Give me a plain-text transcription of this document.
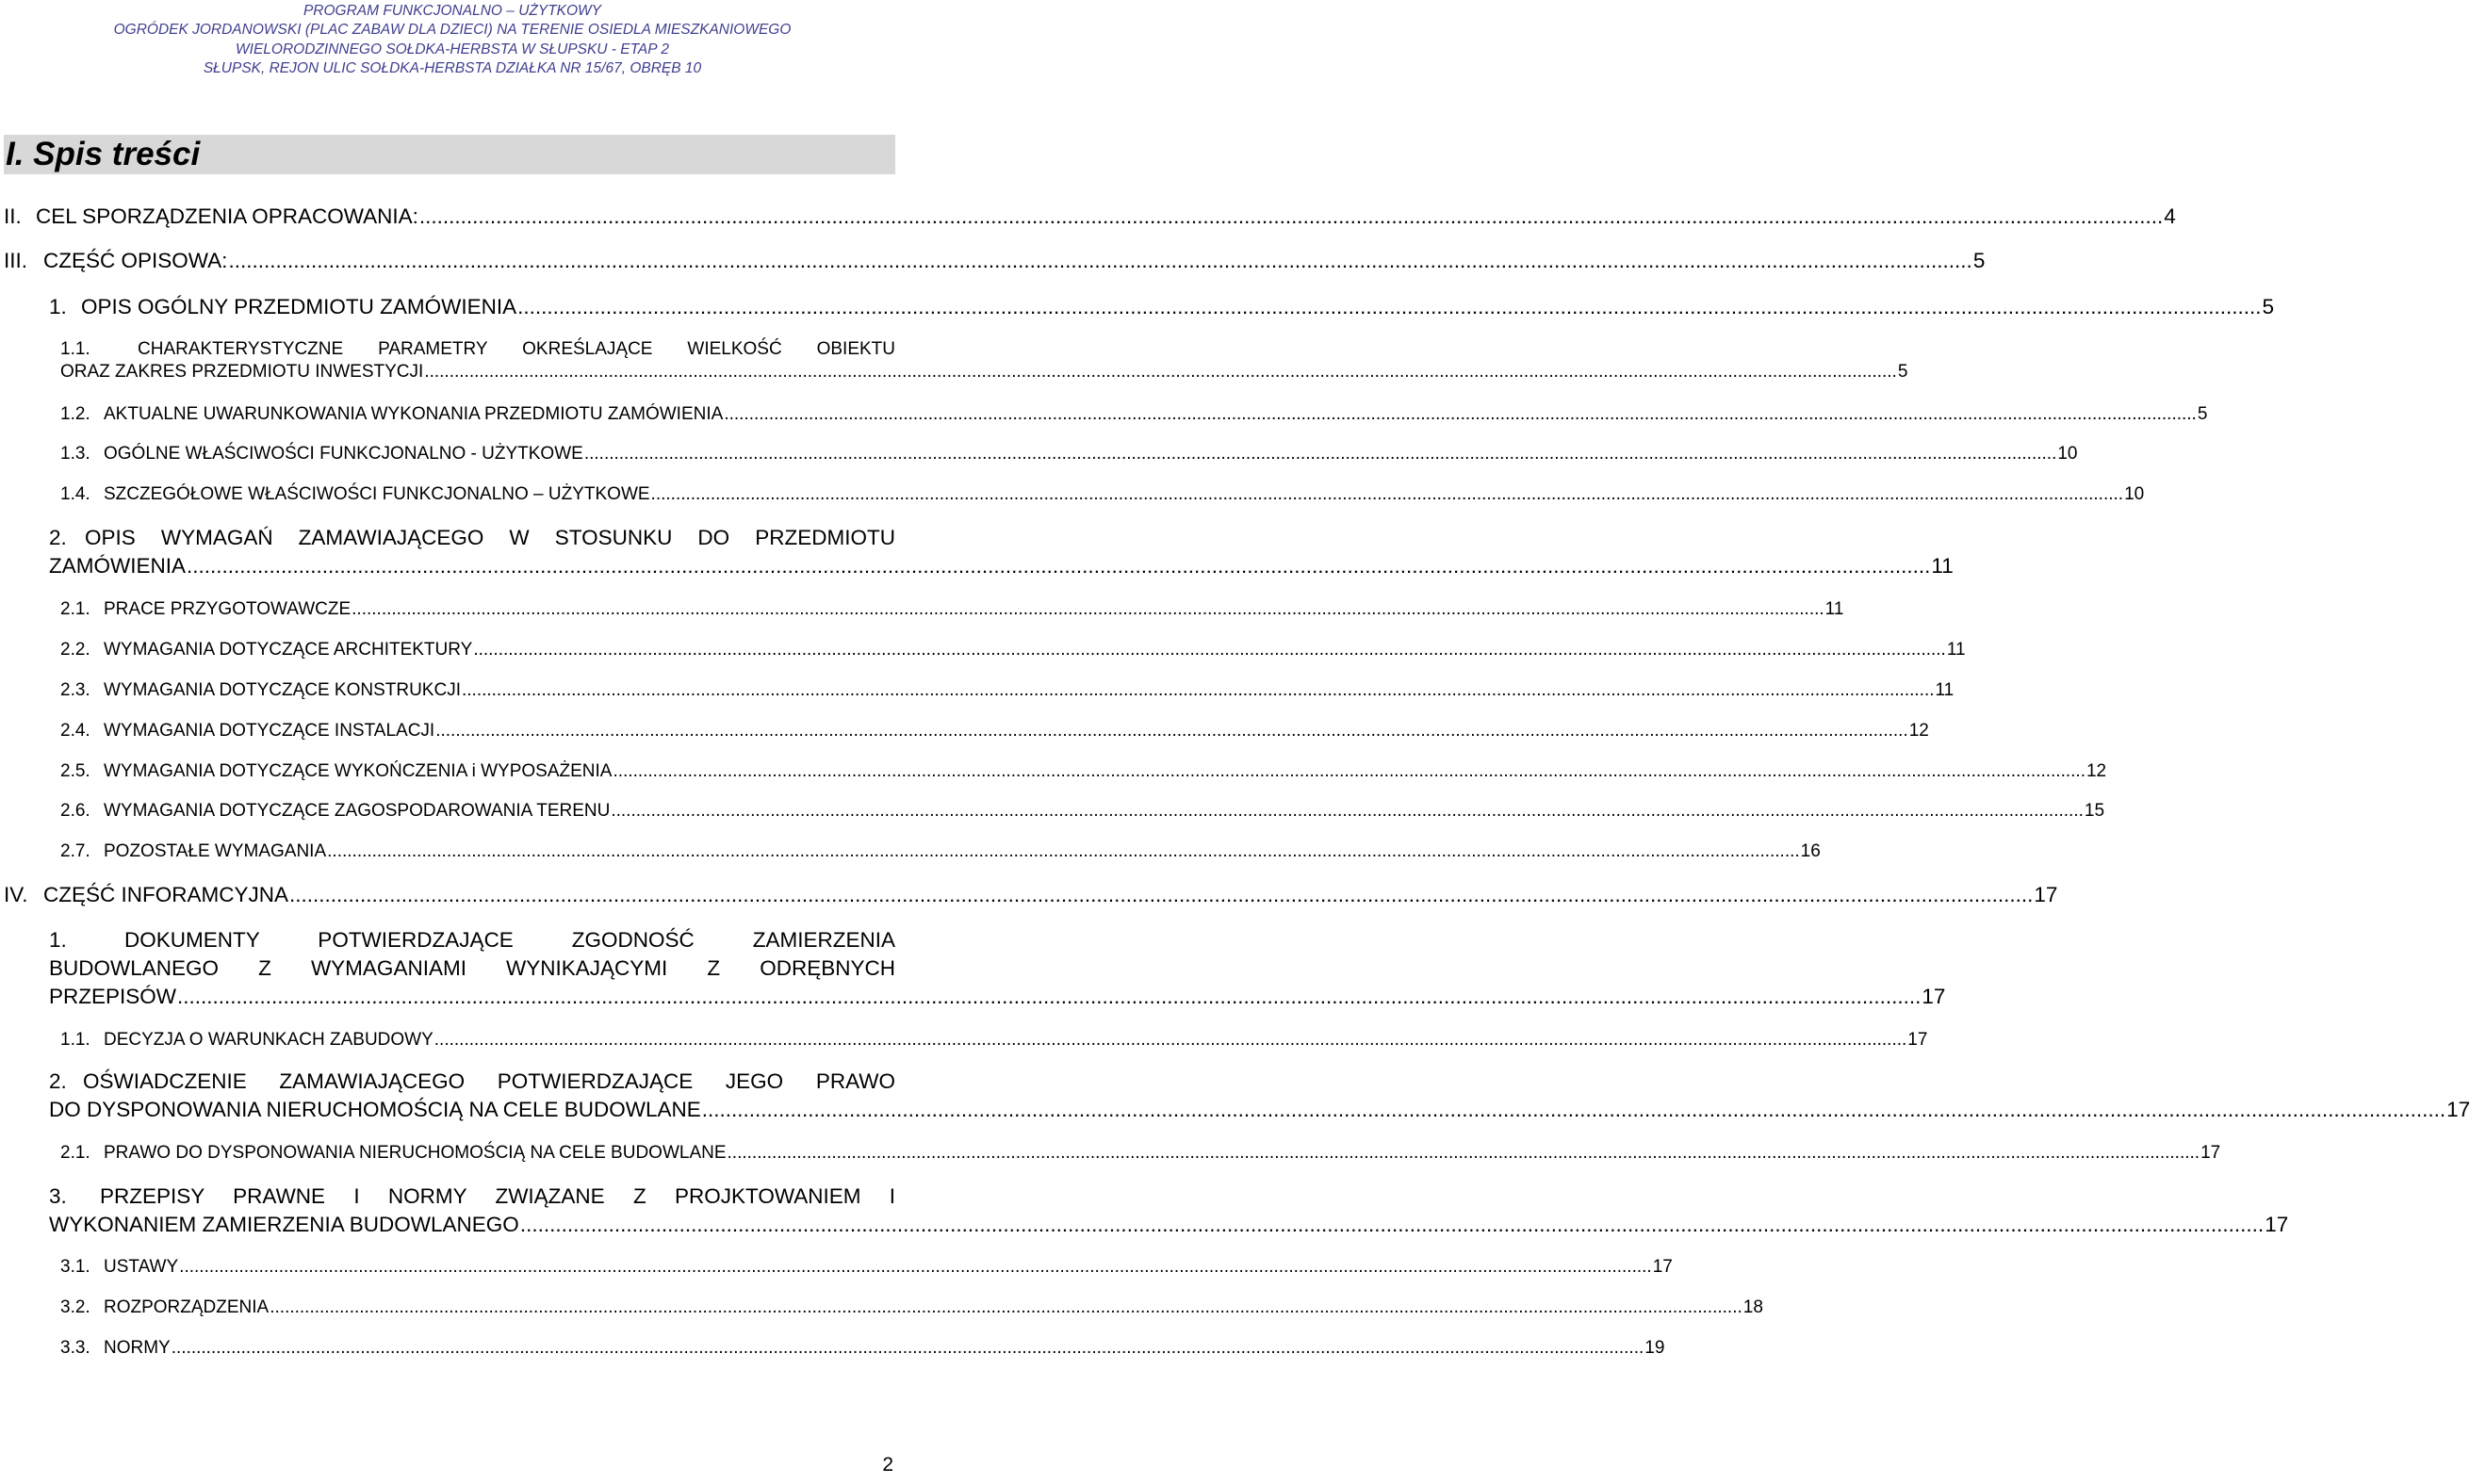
PROGRAM FUNKCJONALNO – UŻYTKOWY
OGRÓDEK JORDANOWSKI (PLAC ZABAW DLA DZIECI) NA TERENIE OSIEDLA MIESZKANIOWEGO
WIELORODZINNEGO SOŁDKA-HERBSTA W SŁUPSKU - ETAP 2
SŁUPSK, REJON ULIC SOŁDKA-HERBSTA DZIAŁKA NR 15/67, OBRĘB 10
I. Spis treści
II. CEL SPORZĄDZENIA OPRACOWANIA: ........................................................................................................................................................................................................................................................................................................ 4
III. CZĘŚĆ OPISOWA: ........................................................................................................................................................................................................................................................................................................ 5
1. OPIS OGÓLNY PRZEDMIOTU ZAMÓWIENIA ........................................................................................................................................................................................................................................................................................................ 5
1.1.	CHARAKTERYSTYCZNE PARAMETRY OKREŚLAJĄCE WIELKOŚĆ OBIEKTU
ORAZ ZAKRES PRZEDMIOTU INWESTYCJI ........................................................................................................................................................................................................................................................................................................ 5
1.2. AKTUALNE UWARUNKOWANIA WYKONANIA PRZEDMIOTU ZAMÓWIENIA ........................................................................................................................................................................................................................................................................................................ 5
1.3. OGÓLNE WŁAŚCIWOŚCI FUNKCJONALNO - UŻYTKOWE ........................................................................................................................................................................................................................................................................................................ 10
1.4. SZCZEGÓŁOWE WŁAŚCIWOŚCI FUNKCJONALNO – UŻYTKOWE ........................................................................................................................................................................................................................................................................................................ 10
2. OPIS WYMAGAŃ ZAMAWIAJĄCEGO W STOSUNKU DO PRZEDMIOTU
ZAMÓWIENIA ........................................................................................................................................................................................................................................................................................................ 11
2.1. PRACE PRZYGOTOWAWCZE ........................................................................................................................................................................................................................................................................................................ 11
2.2. WYMAGANIA DOTYCZĄCE ARCHITEKTURY ........................................................................................................................................................................................................................................................................................................ 11
2.3. WYMAGANIA DOTYCZĄCE KONSTRUKCJI ........................................................................................................................................................................................................................................................................................................ 11
2.4. WYMAGANIA DOTYCZĄCE INSTALACJI ........................................................................................................................................................................................................................................................................................................ 12
2.5. WYMAGANIA DOTYCZĄCE WYKOŃCZENIA i WYPOSAŻENIA ........................................................................................................................................................................................................................................................................................................ 12
2.6. WYMAGANIA DOTYCZĄCE ZAGOSPODAROWANIA TERENU ........................................................................................................................................................................................................................................................................................................ 15
2.7. POZOSTAŁE WYMAGANIA ........................................................................................................................................................................................................................................................................................................ 16
IV. CZĘŚĆ INFORAMCYJNA ........................................................................................................................................................................................................................................................................................................ 17
1.	DOKUMENTY POTWIERDZAJĄCE ZGODNOŚĆ ZAMIERZENIA
BUDOWLANEGO Z WYMAGANIAMI WYNIKAJĄCYMI Z ODRĘBNYCH
PRZEPISÓW ........................................................................................................................................................................................................................................................................................................ 17
1.1. DECYZJA O WARUNKACH ZABUDOWY ........................................................................................................................................................................................................................................................................................................ 17
2. OŚWIADCZENIE ZAMAWIAJĄCEGO POTWIERDZAJĄCE JEGO PRAWO
DO DYSPONOWANIA NIERUCHOMOŚCIĄ NA CELE BUDOWLANE ........................................................................................................................................................................................................................................................................................................ 17
2.1. PRAWO DO DYSPONOWANIA NIERUCHOMOŚCIĄ NA CELE BUDOWLANE ........................................................................................................................................................................................................................................................................................................ 17
3.	PRZEPISY PRAWNE I NORMY ZWIĄZANE Z PROJKTOWANIEM I
WYKONANIEM ZAMIERZENIA BUDOWLANEGO ........................................................................................................................................................................................................................................................................................................ 17
3.1. USTAWY ........................................................................................................................................................................................................................................................................................................ 17
3.2. ROZPORZĄDZENIA ........................................................................................................................................................................................................................................................................................................ 18
3.3. NORMY ........................................................................................................................................................................................................................................................................................................ 19
2
